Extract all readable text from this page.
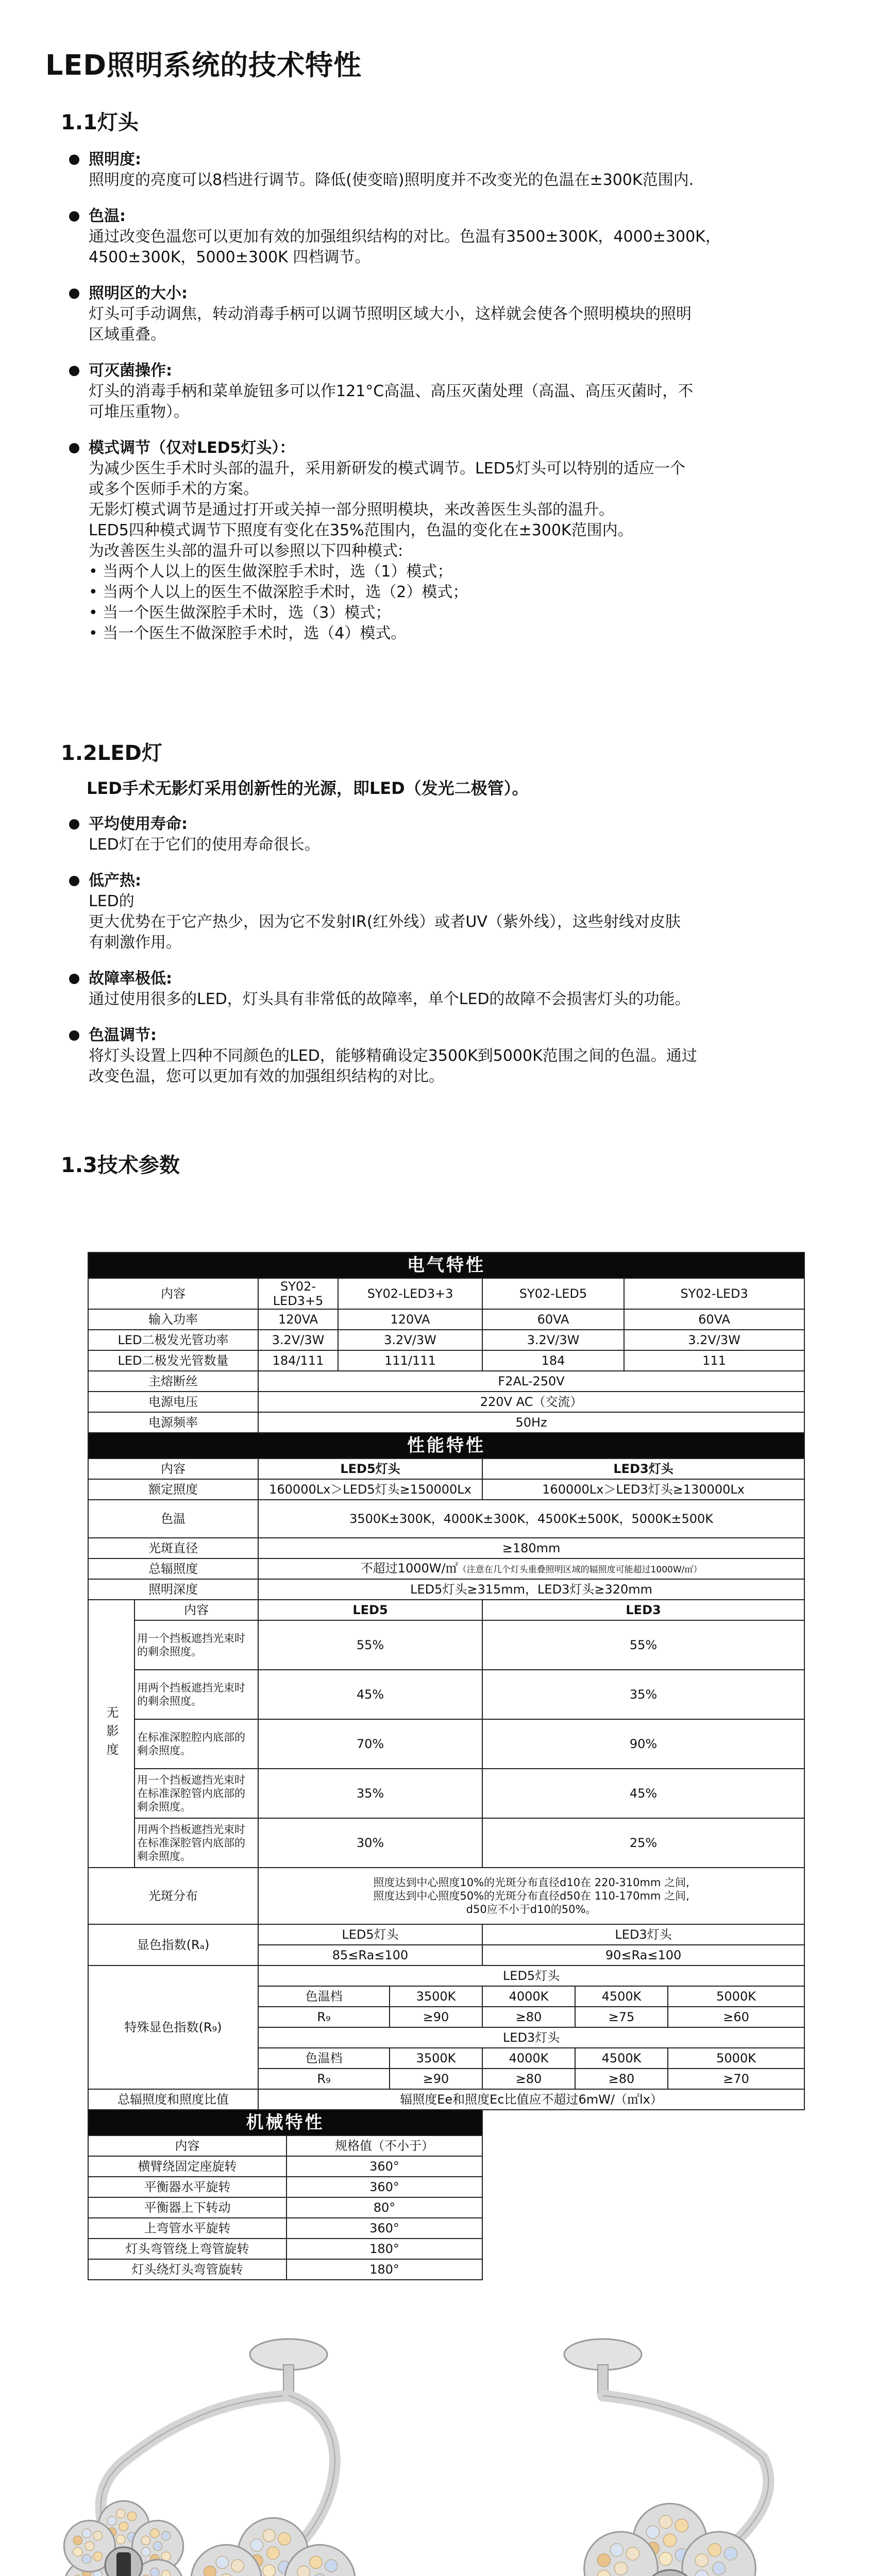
LED照明系统的技术特性
1.1灯头
照明度:
照明度的亮度可以8档进行调节。降低(使变暗)照明度并不改变光的色温在±300K范围内.
色温:
通过改变色温您可以更加有效的加强组织结构的对比。色温有3500±300K，4000±300K，
4500±300K，5000±300K 四档调节。
照明区的大小:
灯头可手动调焦，转动消毒手柄可以调节照明区域大小，这样就会使各个照明模块的照明
区域重叠。
可灭菌操作:
灯头的消毒手柄和菜单旋钮多可以作121°C高温、高压灭菌处理（高温、高压灭菌时，不
可堆压重物）。
模式调节（仅对LED5灯头）：
为减少医生手术时头部的温升，采用新研发的模式调节。LED5灯头可以特别的适应一个
或多个医师手术的方案。
无影灯模式调节是通过打开或关掉一部分照明模块，来改善医生头部的温升。
LED5四种模式调节下照度有变化在35%范围内，色温的变化在±300K范围内。
为改善医生头部的温升可以参照以下四种模式:
• 当两个人以上的医生做深腔手术时，选（1）模式；
• 当两个人以上的医生不做深腔手术时，选（2）模式；
• 当一个医生做深腔手术时，选（3）模式；
• 当一个医生不做深腔手术时，选（4）模式。
1.2LED灯
LED手术无影灯采用创新性的光源，即LED（发光二极管）。
平均使用寿命:
LED灯在于它们的使用寿命很长。
低产热:
LED的
更大优势在于它产热少，因为它不发射IR(红外线）或者UV（紫外线），这些射线对皮肤
有刺激作用。
故障率极低:
通过使用很多的LED，灯头具有非常低的故障率，单个LED的故障不会损害灯头的功能。
色温调节:
将灯头设置上四种不同颜色的LED，能够精确设定3500K到5000K范围之间的色温。通过
改变色温，您可以更加有效的加强组织结构的对比。
1.3技术参数
电气特性									
内容		SY02-LED3+5		SY02-LED3+3		SY02-LED5		SY02-LED3	
输入功率		120VA		120VA		60VA		60VA	
LED二极发光管功率		3.2V/3W		3.2V/3W		3.2V/3W		3.2V/3W	
LED二极发光管数量		184/111		111/111		184		111	
主熔断丝		F2AL-250V							
电源电压		220V AC（交流）							
电源频率		50Hz							
性能特性									
内容		LED5灯头				LED3灯头			
额定照度		160000Lx＞LED5灯头≥150000Lx				160000Lx＞LED3灯头≥130000Lx			
色温		3500K±300K，4000K±300K，4500K±500K，5000K±500K							
光斑直径		≥180mm							
总辐照度		不超过1000W/㎡（注意在几个灯头重叠照明区域的辐照度可能超过1000W/㎡）							
照明深度		LED5灯头≥315mm，LED3灯头≥320mm							
无影度	内容	LED5				LED3			
	用一个挡板遮挡光束时的剩余照度。	55%				55%			
	用两个挡板遮挡光束时的剩余照度。	45%				35%			
	在标准深腔腔内底部的剩余照度。	70%				90%			
	用一个挡板遮挡光束时在标准深腔管内底部的剩余照度。	35%				45%			
	用两个挡板遮挡光束时在标准深腔管内底部的剩余照度。	30%				25%			
光斑分布		照度达到中心照度10%的光斑分布直径d10在 220-310mm 之间,
照度达到中心照度50%的光斑分布直径d50在 110-170mm 之间,
d50应不小于d10的50%。							

显色指数(Rₐ)		LED5灯头				LED3灯头			
		85≤Ra≤100				90≤Ra≤100			
特殊显色指数(R₉)		LED5灯头							
		色温档			3500K	4000K	4500K		5000K
		R₉			≥90	≥80	≥75		≥60
		LED3灯头							
		色温档			3500K	4000K	4500K		5000K
		R₉			≥90	≥80	≥80		≥70
总辐照度和照度比值		辐照度Ee和照度Ec比值应不超过6mW/（㎡lx）							
机械特性									
内容			规格值（不小于）						
横臂绕固定座旋转			360°						
平衡器水平旋转			360°						
平衡器上下转动			80°						
上弯管水平旋转			360°						
灯头弯管绕上弯管旋转			180°						
灯头绕灯头弯管旋转			180°						
